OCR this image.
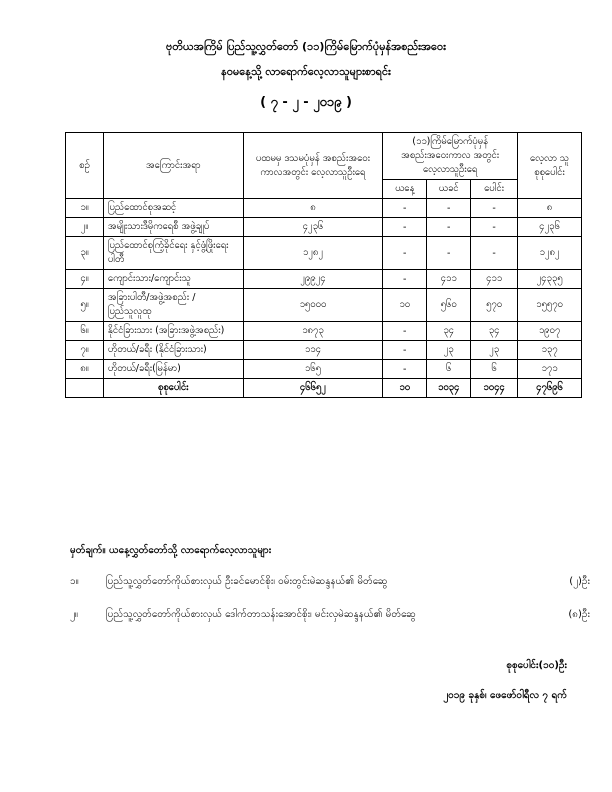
ဗုတိယအကြိမ် ပြည်သူ့လွှတ်တော် (၁၁)ကြိမ်မြောက်ပုံမှန်အစည်းအဝေး
နဝမနေ့သို့ လာရောက်လေ့လာသူများစာရင်း
( ၇ - ၂ - ၂၀၁၉ )
စဥ်	အကြောင်းအရာ	ပထမမှ ဒသမပုံမှန် အစည်းအဝေးကာလအတွင်း လေ့လာသူဦးရေ	(၁၁)ကြိမ်မြောက်ပုံမှန် အစည်းအဝေးကာလ အတွင်းလေ့လာသူဦးရေ			လေ့လာ သူ စုစုပေါင်း
			ယနေ့	ယခင်	ပေါင်း	
၁။	ပြည်ထောင်စုအဆင့်	၈	-	-	-	၈
၂။	အမျိုးသားဒီမိုကရေစီ အဖွဲ့ချုပ်	၄၂၃၆	-	-	-	၄၂၃၆
၃။	ပြည်ထောင်စုကြံ့ခိုင်ရေး နှင့်ဖွံ့ဖြိုးရေးပါတီ	၁၂၈၂	-	-	-	၁၂၈၂
၄။	ကျောင်းသား/ကျောင်းသူ	၂၉၉၂၄	-	၄၁၁	၄၁၁	၂၄၃၃၅
၅။	အခြားပါတီ/အဖွဲ့အစည်း / ပြည်သူလူထု	၁၅၀၀၀	၁၀	၅၆၀	၅၇၀	၁၅၅၇၀
၆။	နိုင်ငံခြားသား (အခြားအဖွဲ့အစည်း)	၁၈၇၃	-	၃၄	၃၄	၁၉၀၇
၇။	ဟိုတယ်/ခရီး (နိုင်ငံခြားသား)	၁၁၄	-	၂၃	၂၃	၁၃၇
၈။	ဟိုတယ်/ခရီး(မြန်မာ)	၁၆၅	-	၆	၆	၁၇၁
	စုစုပေါင်း	၄၆၆၅၂	၁၀	၁၀၃၄	၁၀၄၄	၄၇၆၉၆
မှတ်ချက်။ ယနေ့လွှတ်တော်သို့ လာရောက်လေ့လာသူများ
၁။	ပြည်သူ့လွှတ်တော်ကိုယ်စားလှယ် ဦးခင်မောင်စိုး၊ ဝမ်းတွင်းမဲဆန္ဒနယ်၏ မိတ်ဆွေ	(၂)ဦး
၂။	ပြည်သူ့လွှတ်တော်ကိုယ်စားလှယ် ဒေါက်တာသန်းအောင်စိုး၊ မင်းလှမဲဆန္ဒနယ်၏ မိတ်ဆွေ	(၈)ဦး
စုစုပေါင်း(၁၀)ဦး
၂၀၁၉ ခုနှစ်၊ ဖေဖော်ဝါရီလ ၇ ရက်
